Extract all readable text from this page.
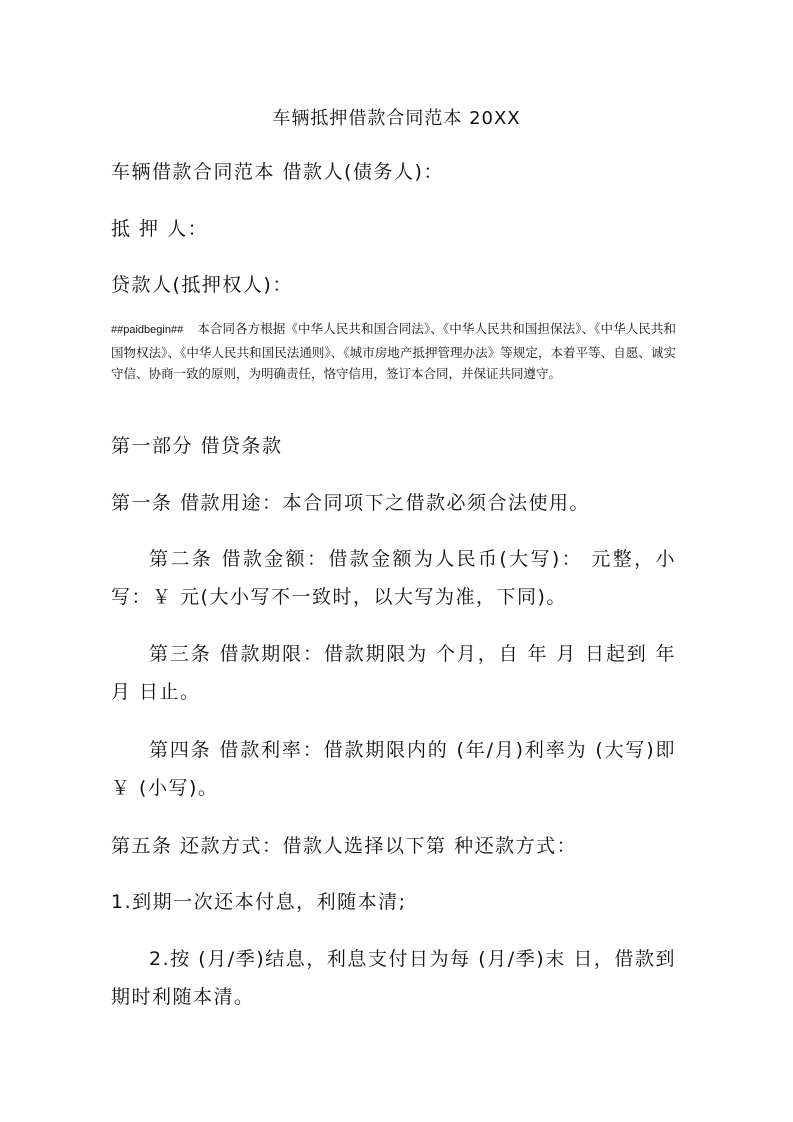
车辆抵押借款合同范本 20XX
车辆借款合同范本 借款人(债务人)：
抵 押 人：
贷款人(抵押权人)：
##paidbegin## 本合同各方根据《中华人民共和国合同法》、《中华人民共和国担保法》、《中华人民共和国物权法》、《中华人民共和国民法通则》、《城市房地产抵押管理办法》等规定，本着平等、自愿、诚实守信、协商一致的原则，为明确责任，恪守信用，签订本合同，并保证共同遵守。
第一部分 借贷条款
第一条 借款用途：本合同项下之借款必须合法使用。
第二条 借款金额：借款金额为人民币(大写)： 元整，小写：￥ 元(大小写不一致时，以大写为准，下同)。
第三条 借款期限：借款期限为 个月，自 年 月 日起到 年 月 日止。
第四条 借款利率：借款期限内的 (年/月)利率为 (大写)即￥ (小写)。
第五条 还款方式：借款人选择以下第 种还款方式：
1.到期一次还本付息，利随本清;
2.按 (月/季)结息，利息支付日为每 (月/季)末 日，借款到期时利随本清。
